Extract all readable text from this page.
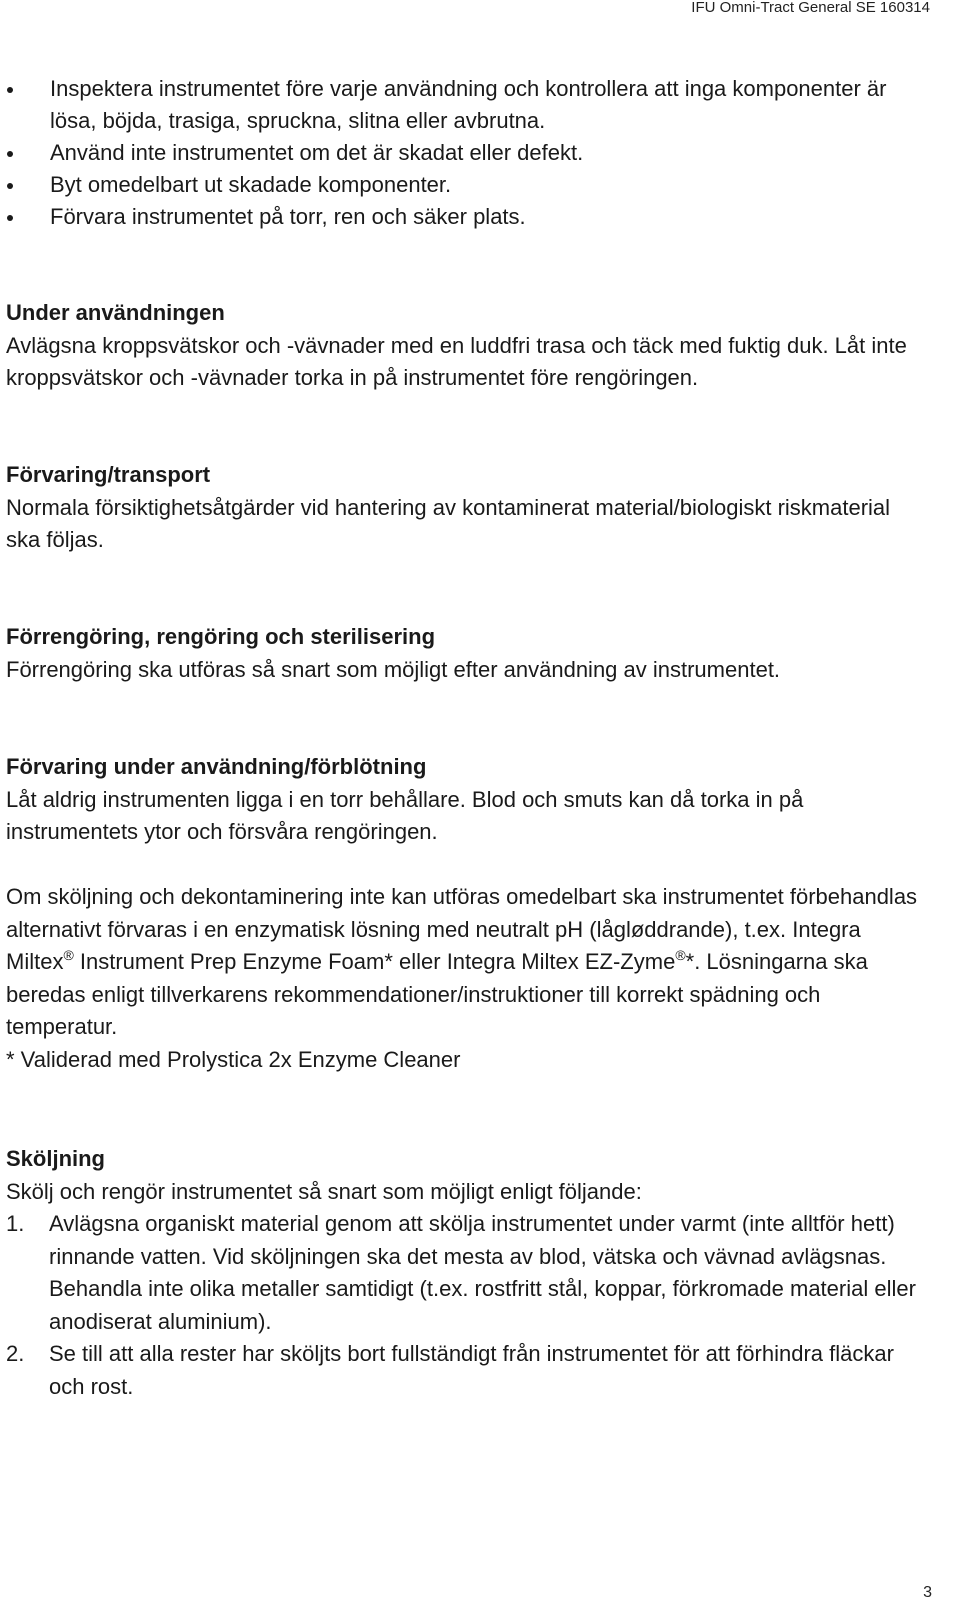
IFU Omni-Tract General SE 160314
Inspektera instrumentet före varje användning och kontrollera att inga komponenter är lösa, böjda, trasiga, spruckna, slitna eller avbrutna.
Använd inte instrumentet om det är skadat eller defekt.
Byt omedelbart ut skadade komponenter.
Förvara instrumentet på torr, ren och säker plats.
Under användningen

Avlägsna kroppsvätskor och -vävnader med en luddfri trasa och täck med fuktig duk. Låt inte kroppsvätskor och -vävnader torka in på instrumentet före rengöringen.

Förvaring/transport

Normala försiktighetsåtgärder vid hantering av kontaminerat material/biologiskt riskmaterial ska följas.

Förrengöring, rengöring och sterilisering

Förrengöring ska utföras så snart som möjligt efter användning av instrumentet.

Förvaring under användning/förblötning

Låt aldrig instrumenten ligga i en torr behållare. Blod och smuts kan då torka in på instrumentets ytor och försvåra rengöringen.

Om sköljning och dekontaminering inte kan utföras omedelbart ska instrumentet förbehandlas alternativt förvaras i en enzymatisk lösning med neutralt pH (lågløddrande), t.ex. Integra Miltex® Instrument Prep Enzyme Foam* eller Integra Miltex EZ-Zyme®*. Lösningarna ska beredas enligt tillverkarens rekommendationer/instruktioner till korrekt spädning och temperatur.

* Validerad med Prolystica 2x Enzyme Cleaner

Sköljning

Skölj och rengör instrumentet så snart som möjligt enligt följande:

1. Avlägsna organiskt material genom att skölja instrumentet under varmt (inte alltför hett) rinnande vatten. Vid sköljningen ska det mesta av blod, vätska och vävnad avlägsnas. Behandla inte olika metaller samtidigt (t.ex. rostfritt stål, koppar, förkromade material eller anodiserat aluminium).
2. Se till att alla rester har sköljts bort fullständigt från instrumentet för att förhindra fläckar och rost.
3
